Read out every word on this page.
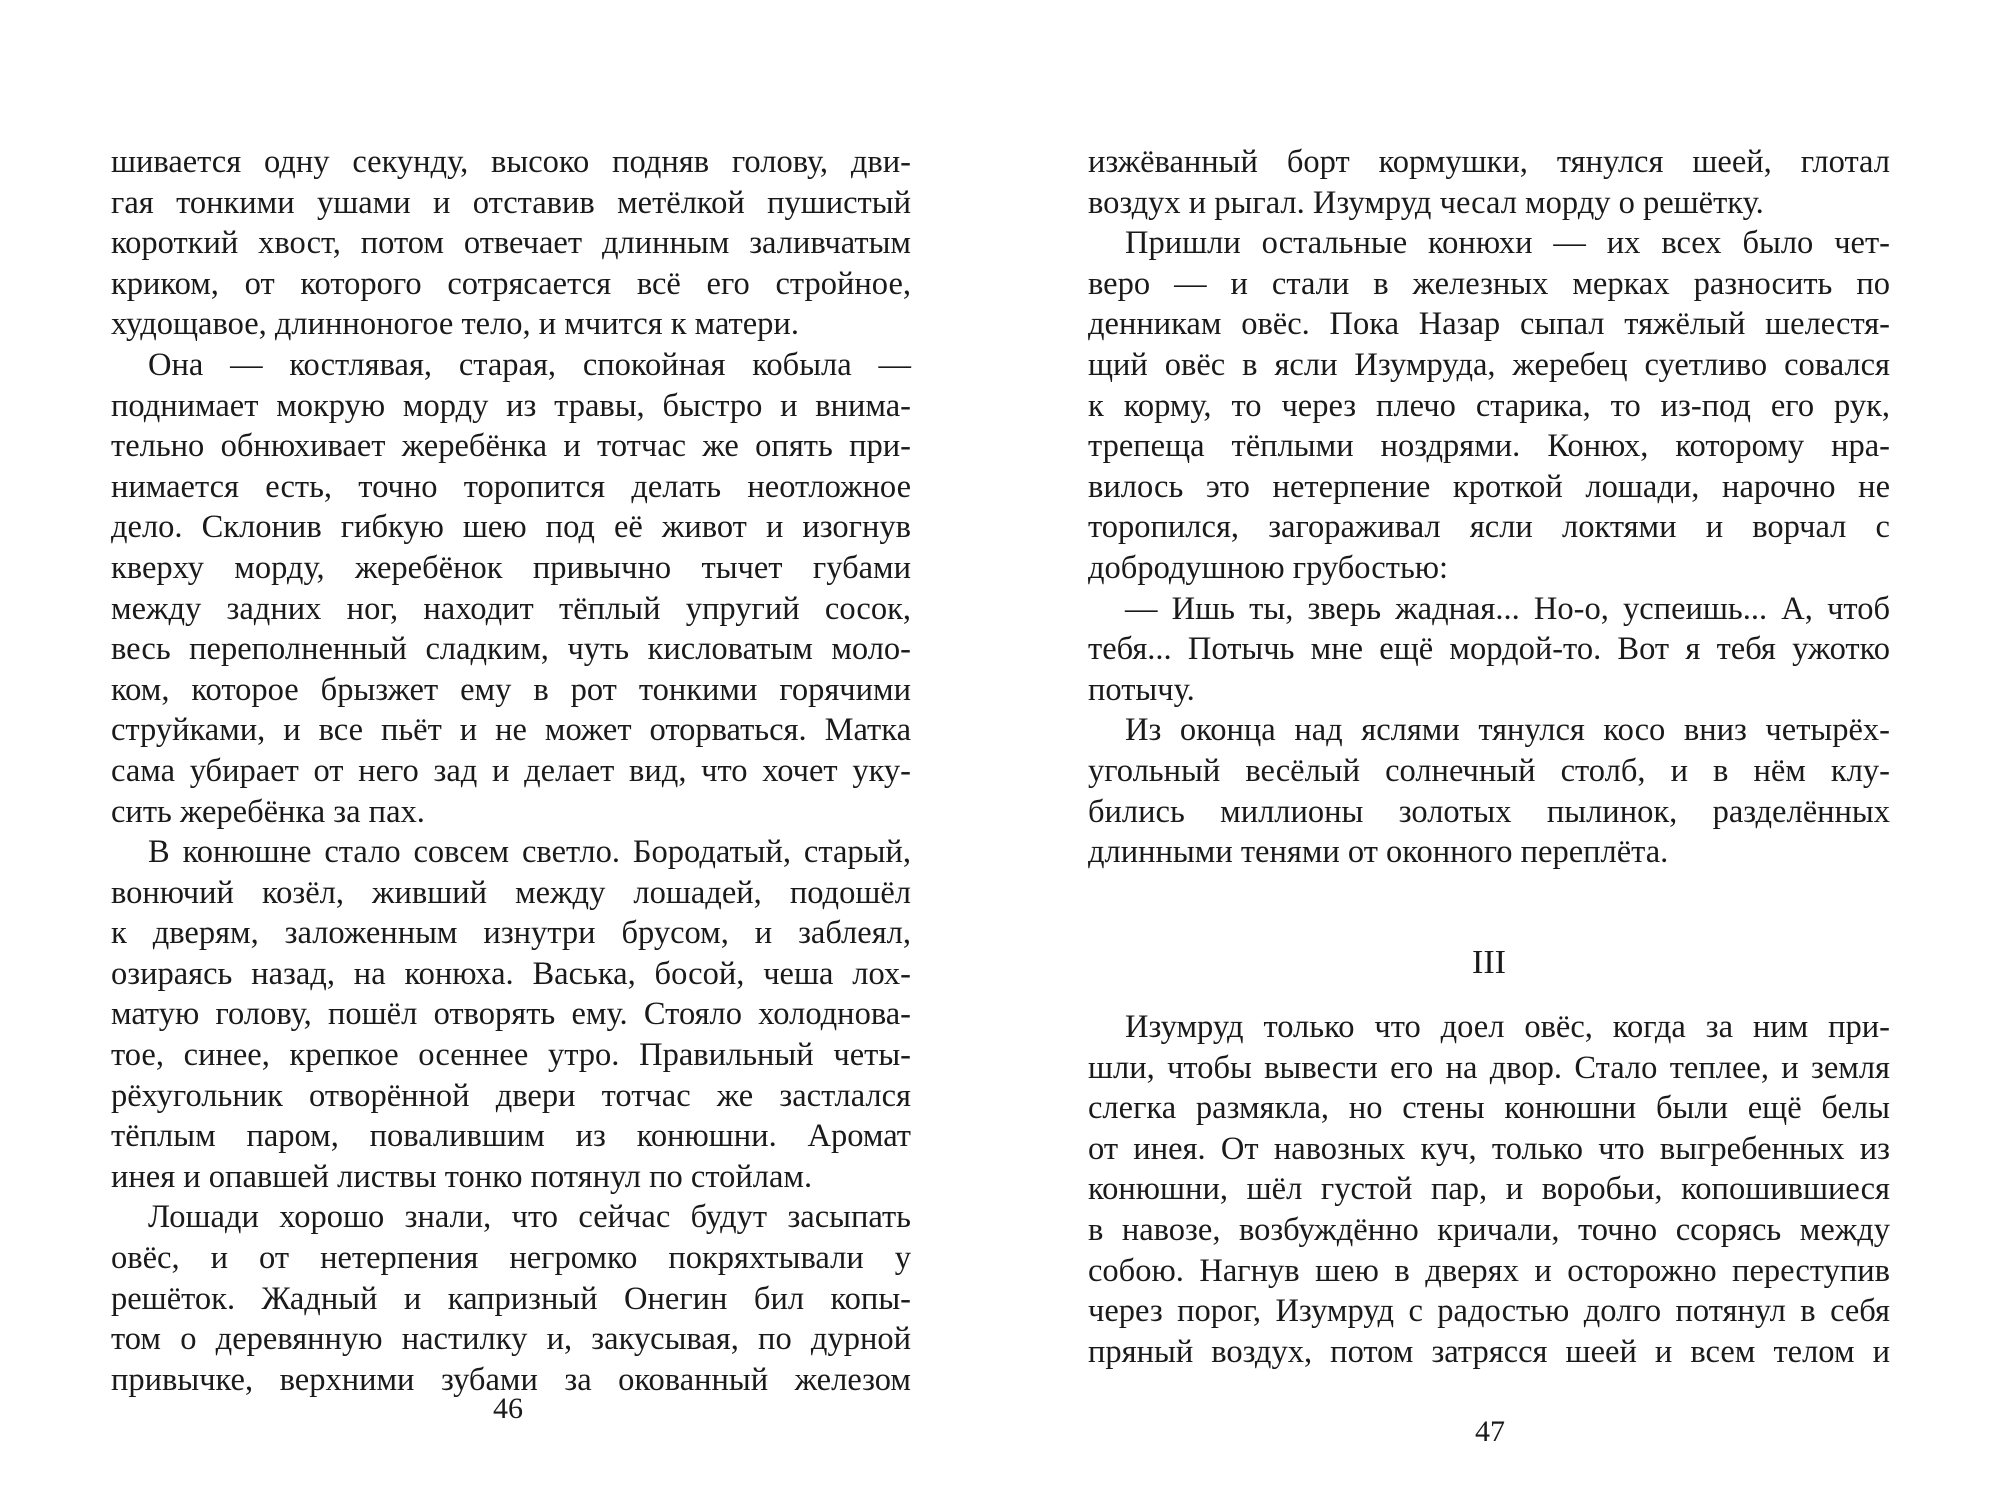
шивается одну секунду, высоко подняв голову, дви-
гая тонкими ушами и отставив метёлкой пушистый
короткий хвост, потом отвечает длинным заливчатым
криком, от которого сотрясается всё его стройное,
худощавое, длинноногое тело, и мчится к матери.
Она — костлявая, старая, спокойная кобыла —
поднимает мокрую морду из травы, быстро и внима-
тельно обнюхивает жеребёнка и тотчас же опять при-
нимается есть, точно торопится делать неотложное
дело. Склонив гибкую шею под её живот и изогнув
кверху морду, жеребёнок привычно тычет губами
между задних ног, находит тёплый упругий сосок,
весь переполненный сладким, чуть кисловатым моло-
ком, которое брызжет ему в рот тонкими горячими
струйками, и все пьёт и не может оторваться. Матка
сама убирает от него зад и делает вид, что хочет уку-
сить жеребёнка за пах.
В конюшне стало совсем светло. Бородатый, старый,
вонючий козёл, живший между лошадей, подошёл
к дверям, заложенным изнутри брусом, и заблеял,
озираясь назад, на конюха. Васька, босой, чеша лох-
матую голову, пошёл отворять ему. Стояло холоднова-
тое, синее, крепкое осеннее утро. Правильный четы-
рёхугольник отворённой двери тотчас же застлался
тёплым паром, повалившим из конюшни. Аромат
инея и опавшей листвы тонко потянул по стойлам.
Лошади хорошо знали, что сейчас будут засыпать
овёс, и от нетерпения негромко покряхтывали у
решёток. Жадный и капризный Онегин бил копы-
том о деревянную настилку и, закусывая, по дурной
привычке, верхними зубами за окованный железом
46
изжёванный борт кормушки, тянулся шеей, глотал
воздух и рыгал. Изумруд чесал морду о решётку.
Пришли остальные конюхи — их всех было чет-
веро — и стали в железных мерках разносить по
денникам овёс. Пока Назар сыпал тяжёлый шелестя-
щий овёс в ясли Изумруда, жеребец суетливо совался
к корму, то через плечо старика, то из-под его рук,
трепеща тёплыми ноздрями. Конюх, которому нра-
вилось это нетерпение кроткой лошади, нарочно не
торопился, загораживал ясли локтями и ворчал с
добродушною грубостью:
— Ишь ты, зверь жадная... Но-о, успеишь... А, чтоб
тебя... Потычь мне ещё мордой-то. Вот я тебя ужотко
потычу.
Из оконца над яслями тянулся косо вниз четырёх-
угольный весёлый солнечный столб, и в нём клу-
бились миллионы золотых пылинок, разделённых
длинными тенями от оконного переплёта.
III
Изумруд только что доел овёс, когда за ним при-
шли, чтобы вывести его на двор. Стало теплее, и земля
слегка размякла, но стены конюшни были ещё белы
от инея. От навозных куч, только что выгребенных из
конюшни, шёл густой пар, и воробьи, копошившиеся
в навозе, возбуждённо кричали, точно ссорясь между
собою. Нагнув шею в дверях и осторожно переступив
через порог, Изумруд с радостью долго потянул в себя
пряный воздух, потом затрясся шеей и всем телом и
47
